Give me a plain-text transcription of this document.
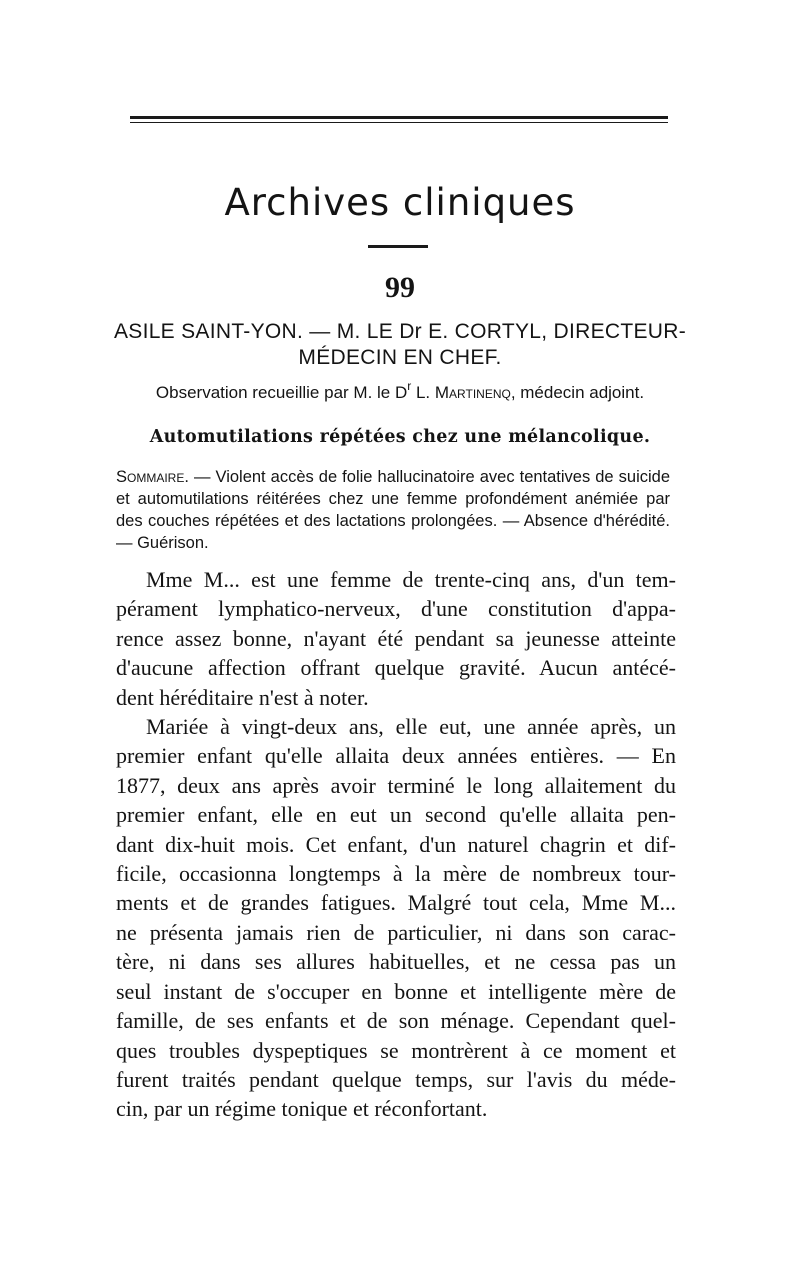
Archives cliniques
99
ASILE SAINT-YON. — M. LE Dr E. CORTYL, DIRECTEUR-
MÉDECIN EN CHEF.
Observation recueillie par M. le $D^r$ L. Martinenq, médecin adjoint.
Automutilations répétées chez une mélancolique.
Sommaire. — Violent accès de folie hallucinatoire avec tentatives de suicide et automutilations réitérées chez une femme profondément anémiée par des couches répétées et des lactations prolongées. — Absence d'hérédité. — Guérison.

Mme M... est une femme de trente-cinq ans, d'un tem-
pérament lymphatico-nerveux, d'une constitution d'appa-
rence assez bonne, n'ayant été pendant sa jeunesse atteinte
d'aucune affection offrant quelque gravité. Aucun antécé-
dent héréditaire n'est à noter.

Mariée à vingt-deux ans, elle eut, une année après, un
premier enfant qu'elle allaita deux années entières. — En
1877, deux ans après avoir terminé le long allaitement du
premier enfant, elle en eut un second qu'elle allaita pen-
dant dix-huit mois. Cet enfant, d'un naturel chagrin et dif-
ficile, occasionna longtemps à la mère de nombreux tour-
ments et de grandes fatigues. Malgré tout cela, Mme M...
ne présenta jamais rien de particulier, ni dans son carac-
tère, ni dans ses allures habituelles, et ne cessa pas un
seul instant de s'occuper en bonne et intelligente mère de
famille, de ses enfants et de son ménage. Cependant quel-
ques troubles dyspeptiques se montrèrent à ce moment et
furent traités pendant quelque temps, sur l'avis du méde-
cin, par un régime tonique et réconfortant.
